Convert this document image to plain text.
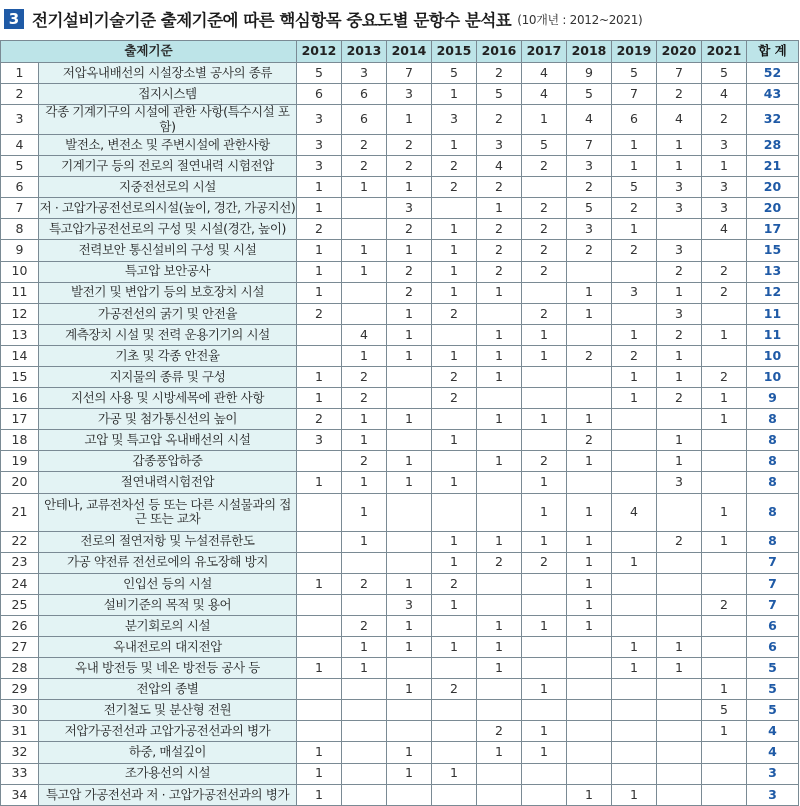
3 전기설비기술기준 출제기준에 따른 핵심항목 중요도별 문항수 분석표 (10개년 : 2012~2021)
출제기준		2012	2013	2014	2015	2016	2017	2018	2019	2020	2021	합 계
1	저압옥내배선의 시설장소별 공사의 종류	5	3	7	5	2	4	9	5	7	5	52
2	접지시스템	6	6	3	1	5	4	5	7	2	4	43
3	각종 기계기구의 시설에 관한 사항(특수시설 포함)	3	6	1	3	2	1	4	6	4	2	32
4	발전소, 변전소 및 주변시설에 관한사항	3	2	2	1	3	5	7	1	1	3	28
5	기계기구 등의 전로의 절연내력 시험전압	3	2	2	2	4	2	3	1	1	1	21
6	지중전선로의 시설	1	1	1	2	2		2	5	3	3	20
7	저 · 고압가공전선로의시설(높이, 경간, 가공지선)	1		3		1	2	5	2	3	3	20
8	특고압가공전선로의 구성 및 시설(경간, 높이)	2		2	1	2	2	3	1		4	17
9	전력보안 통신설비의 구성 및 시설	1	1	1	1	2	2	2	2	3		15
10	특고압 보안공사	1	1	2	1	2	2			2	2	13
11	발전기 및 변압기 등의 보호장치 시설	1		2	1	1		1	3	1	2	12
12	가공전선의 굵기 및 안전율	2		1	2		2	1		3		11
13	계측장치 시설 및 전력 운용기기의 시설		4	1		1	1		1	2	1	11
14	기초 및 각종 안전율		1	1	1	1	1	2	2	1		10
15	지지물의 종류 및 구성	1	2		2	1			1	1	2	10
16	지선의 사용 및 시방세목에 관한 사항	1	2		2				1	2	1	9
17	가공 및 첨가통신선의 높이	2	1	1		1	1	1			1	8
18	고압 및 특고압 옥내배선의 시설	3	1		1			2		1		8
19	갑종풍압하중		2	1		1	2	1		1		8
20	절연내력시험전압	1	1	1	1		1			3		8
21	안테나, 교류전차선 등 또는 다른 시설물과의 접근 또는 교차		1				1	1	4		1	8
22	전로의 절연저항 및 누설전류한도		1		1	1	1	1		2	1	8
23	가공 약전류 전선로에의 유도장해 방지				1	2	2	1	1			7
24	인입선 등의 시설	1	2	1	2			1				7
25	설비기준의 목적 및 용어			3	1			1			2	7
26	분기회로의 시설		2	1		1	1	1				6
27	옥내전로의 대지전압		1	1	1	1			1	1		6
28	옥내 방전등 및 네온 방전등 공사 등	1	1			1			1	1		5
29	전압의 종별			1	2		1				1	5
30	전기철도 및 분산형 전원										5	5
31	저압가공전선과 고압가공전선과의 병가					2	1				1	4
32	하중, 매설깊이	1		1		1	1					4
33	조가용선의 시설	1		1	1							3
34	특고압 가공전선과 저 · 고압가공전선과의 병가	1						1	1			3
